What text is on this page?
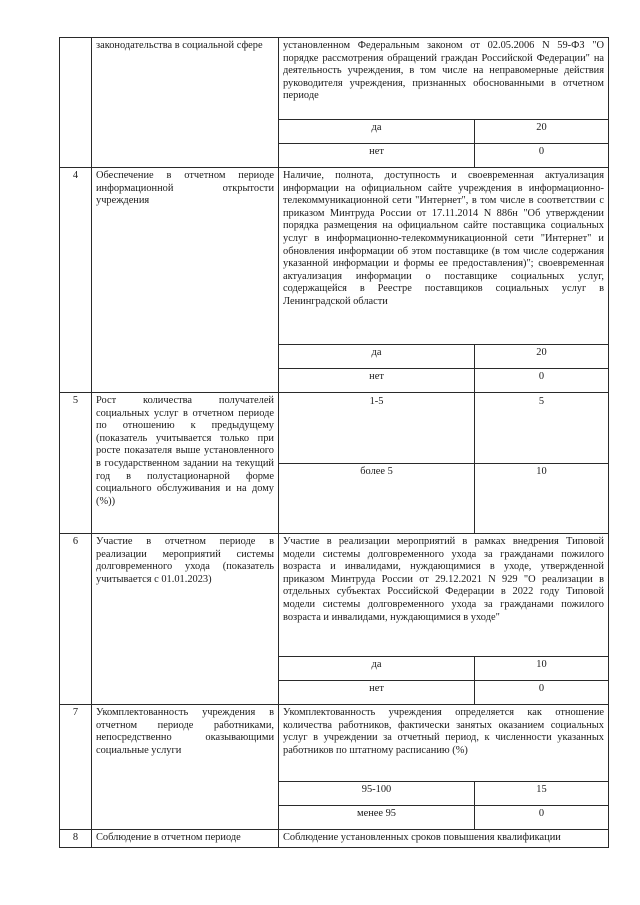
	законодательства в социальной сфере	установленном Федеральным законом от 02.05.2006 N 59-ФЗ "О порядке рассмотрения обращений граждан Российской Федерации" на деятельность учреждения, в том числе на неправомерные действия руководителя учреждения, признанных обоснованными в отчетном периоде	
		да	20
		нет	0
4	Обеспечение в отчетном периоде информационной открытости учреждения	Наличие, полнота, доступность и своевременная актуализация информации на официальном сайте учреждения в информационно-телекоммуникационной сети "Интернет", в том числе в соответствии с приказом Минтруда России от 17.11.2014 N 886н "Об утверждении порядка размещения на официальном сайте поставщика социальных услуг в информационно-телекоммуникационной сети "Интернет" и обновления информации об этом поставщике (в том числе содержания указанной информации и формы ее предоставления)"; своевременная актуализация информации о поставщике социальных услуг, содержащейся в Реестре поставщиков социальных услуг в Ленинградской области	
		да	20
		нет	0
5	Рост количества получателей социальных услуг в отчетном периоде по отношению к предыдущему (показатель учитывается только при росте показателя выше установленного в государственном задании на текущий год в полустационарной форме социального обслуживания и на дому (%))	1-5	5
		более 5	10
6	Участие в отчетном периоде в реализации мероприятий системы долговременного ухода (показатель учитывается с 01.01.2023)	Участие в реализации мероприятий в рамках внедрения Типовой модели системы долговременного ухода за гражданами пожилого возраста и инвалидами, нуждающимися в уходе, утвержденной приказом Минтруда России от 29.12.2021 N 929 "О реализации в отдельных субъектах Российской Федерации в 2022 году Типовой модели системы долговременного ухода за гражданами пожилого возраста и инвалидами, нуждающимися в уходе"	
		да	10
		нет	0
7	Укомплектованность учреждения в отчетном периоде работниками, непосредственно оказывающими социальные услуги	Укомплектованность учреждения определяется как отношение количества работников, фактически занятых оказанием социальных услуг в учреждении за отчетный период, к численности указанных работников по штатному расписанию (%)	
		95-100	15
		менее 95	0
8	Соблюдение в отчетном периоде	Соблюдение установленных сроков повышения квалификации	
